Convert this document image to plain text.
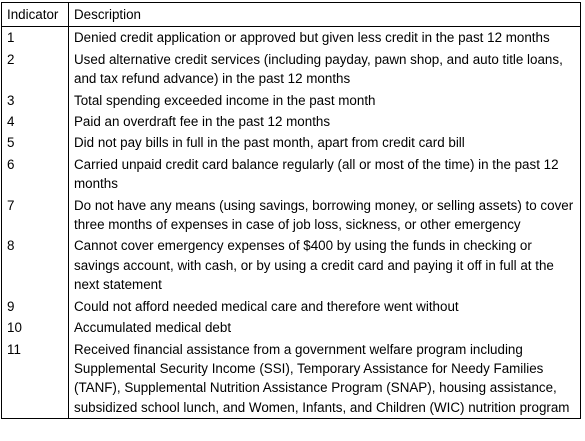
Indicator	Description
1	Denied credit application or approved but given less credit in the past 12 months
2	Used alternative credit services (including payday, pawn shop, and auto title loans, and tax refund advance) in the past 12 months
3	Total spending exceeded income in the past month
4	Paid an overdraft fee in the past 12 months
5	Did not pay bills in full in the past month, apart from credit card bill
6	Carried unpaid credit card balance regularly (all or most of the time) in the past 12 months
7	Do not have any means (using savings, borrowing money, or selling assets) to cover three months of expenses in case of job loss, sickness, or other emergency
8	Cannot cover emergency expenses of $400 by using the funds in checking or savings account, with cash, or by using a credit card and paying it off in full at the next statement
9	Could not afford needed medical care and therefore went without
10	Accumulated medical debt
11	Received financial assistance from a government welfare program including Supplemental Security Income (SSI), Temporary Assistance for Needy Families (TANF), Supplemental Nutrition Assistance Program (SNAP), housing assistance, subsidized school lunch, and Women, Infants, and Children (WIC) nutrition program
